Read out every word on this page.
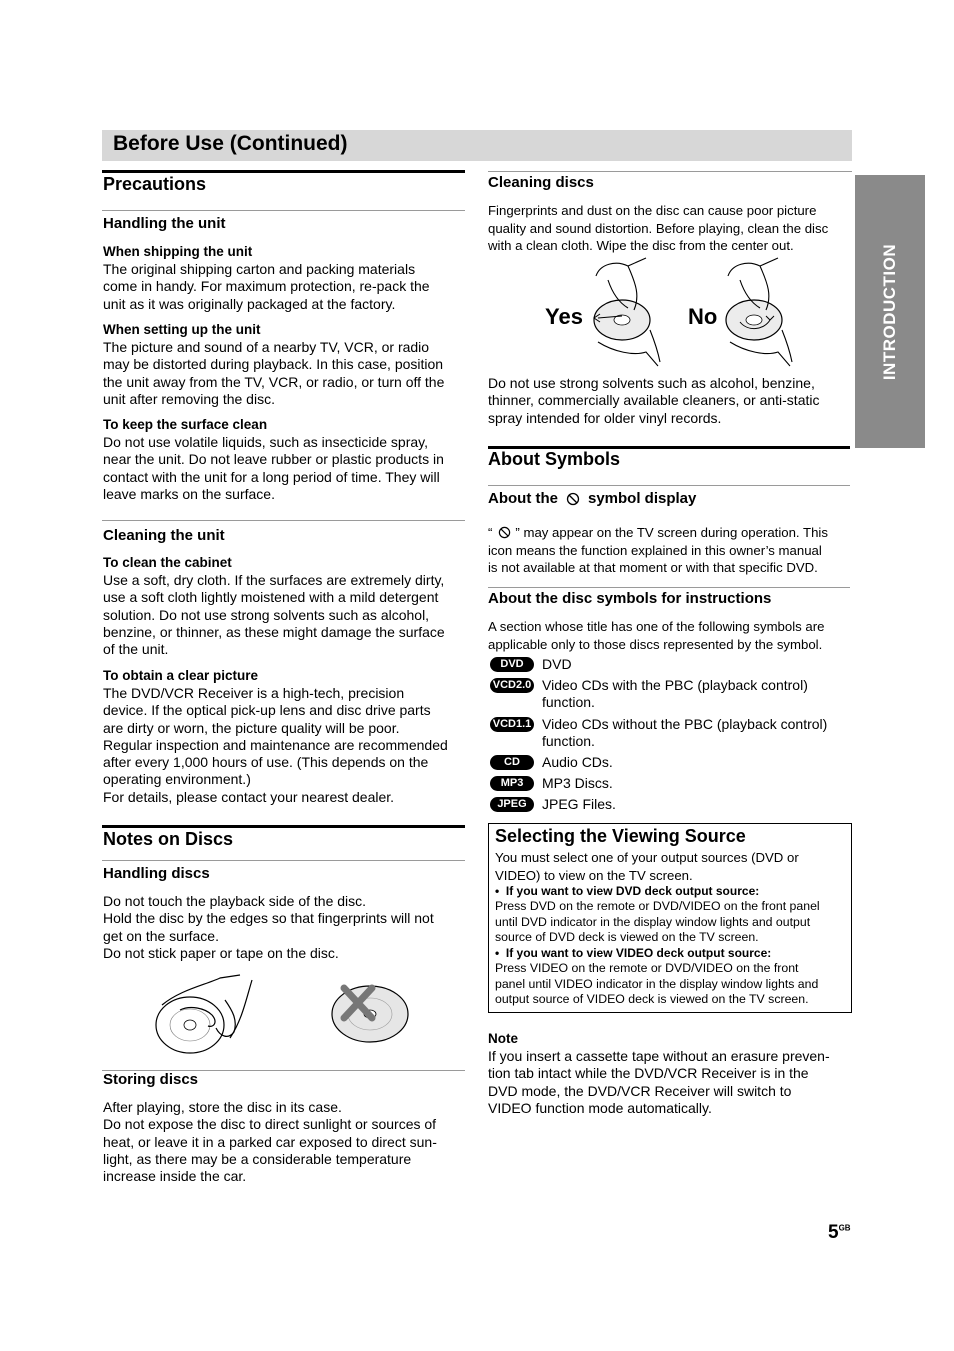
Before Use (Continued)
INTRODUCTION
Precautions
Handling the unit
When shipping the unit
The original shipping carton and packing materials
come in handy. For maximum protection, re-pack the
unit as it was originally packaged at the factory.
When setting up the unit
The picture and sound of a nearby TV, VCR, or radio
may be distorted during playback. In this case, position
the unit away from the TV, VCR, or radio, or turn off the
unit after removing the disc.
To keep the surface clean
Do not use volatile liquids, such as insecticide spray,
near the unit. Do not leave rubber or plastic products in
contact with the unit for a long period of time. They will
leave marks on the surface.
Cleaning the unit
To clean the cabinet
Use a soft, dry cloth. If the surfaces are extremely dirty,
use a soft cloth lightly moistened with a mild detergent
solution. Do not use strong solvents such as alcohol,
benzine, or thinner, as these might damage the surface
of the unit.
To obtain a clear picture
The DVD/VCR Receiver is a high-tech, precision
device. If the optical pick-up lens and disc drive parts
are dirty or worn, the picture quality will be poor.
Regular inspection and maintenance are recommended
after every 1,000 hours of use. (This depends on the
operating environment.)
For details, please contact your nearest dealer.
Notes on Discs
Handling discs
Do not touch the playback side of the disc.
Hold the disc by the edges so that fingerprints will not
get on the surface.
Do not stick paper or tape on the disc.
Storing discs
After playing, store the disc in its case.
Do not expose the disc to direct sunlight or sources of
heat, or leave it in a parked car exposed to direct sun-
light, as there may be a considerable temperature
increase inside the car.
Cleaning discs
Fingerprints and dust on the disc can cause poor picture
quality and sound distortion. Before playing, clean the disc
with a clean cloth. Wipe the disc from the center out.
Yes	No
Do not use strong solvents such as alcohol, benzine,
thinner, commercially available cleaners, or anti-static
spray intended for older vinyl records.
About Symbols
About the symbol display
“ ” may appear on the TV screen during operation. This
icon means the function explained in this owner’s manual
is not available at that moment or with that specific DVD.
About the disc symbols for instructions
A section whose title has one of the following symbols are
applicable only to those discs represented by the symbol.
DVD	DVD
VCD2.0 Video CDs with the PBC (playback control) function.
VCD1.1 Video CDs without the PBC (playback control) function.
CD	Audio CDs.
MP3	MP3 Discs.
JPEG	JPEG Files.
Selecting the Viewing Source
You must select one of your output sources (DVD or
VIDEO) to view on the TV screen.
•  If you want to view DVD deck output source:
Press DVD on the remote or DVD/VIDEO on the front panel
until DVD indicator in the display window lights and output
source of DVD deck is viewed on the TV screen.
•  If you want to view VIDEO deck output source:
Press VIDEO on the remote or DVD/VIDEO on the front
panel until VIDEO indicator in the display window lights and
output source of VIDEO deck is viewed on the TV screen.
Note
If you insert a cassette tape without an erasure preven-
tion tab intact while the DVD/VCR Receiver is in the
DVD mode, the DVD/VCR Receiver will switch to
VIDEO function mode automatically.
$5^{GB}$
